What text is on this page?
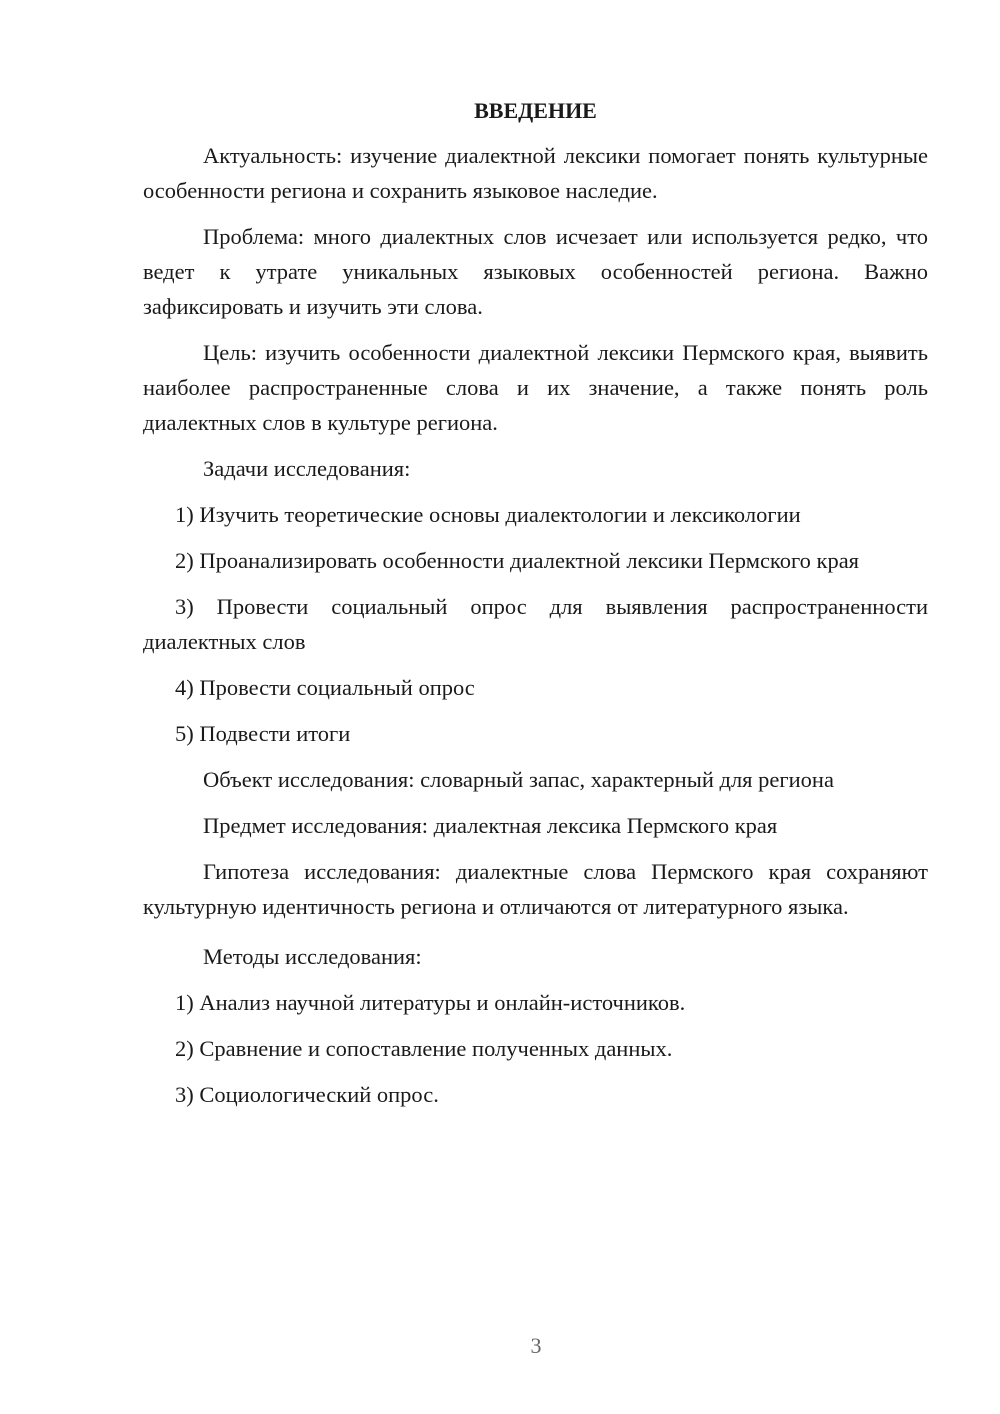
ВВЕДЕНИЕ

Актуальность: изучение диалектной лексики помогает понять культурные особенности региона и сохранить языковое наследие.

Проблема: много диалектных слов исчезает или используется редко, что ведет к утрате уникальных языковых особенностей региона. Важно зафиксировать и изучить эти слова.

Цель: изучить особенности диалектной лексики Пермского края, выявить наиболее распространенные слова и их значение, а также понять роль диалектных слов в культуре региона.

Задачи исследования:

1) Изучить теоретические основы диалектологии и лексикологии

2) Проанализировать особенности диалектной лексики Пермского края

3) Провести социальный опрос для выявления распространенности диалектных слов

4) Провести социальный опрос

5) Подвести итоги

Объект исследования: словарный запас, характерный для региона

Предмет исследования: диалектная лексика Пермского края

Гипотеза исследования: диалектные слова Пермского края сохраняют культурную идентичность региона и отличаются от литературного языка.

Методы исследования:

1) Анализ научной литературы и онлайн-источников.

2) Сравнение и сопоставление полученных данных.

3) Социологический опрос.

3
